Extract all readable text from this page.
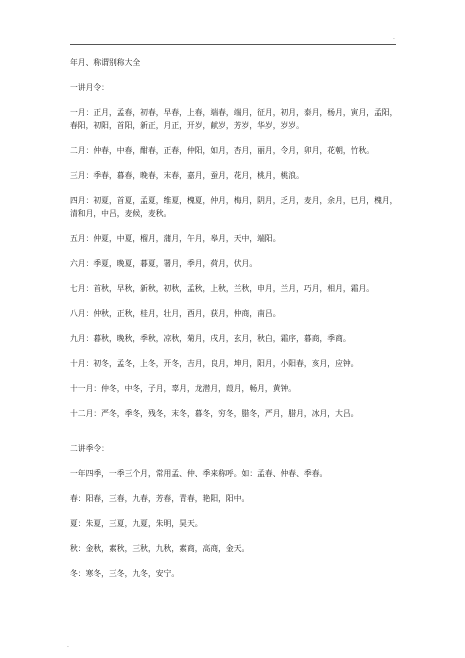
.

年月、称谓别称大全

一讲月令：

一月：正月，孟春，初春，早春，上春，端春，端月，征月，初月，泰月，杨月，寅月，孟阳，春阳，初阳，首阳，新正，月正，开岁，献岁，芳岁，华岁，岁岁。

二月：仲春，中春，酣春，正春，仲阳，如月，杏月，丽月，令月，卯月，花朝，竹秋。

三月：季春，暮春，晚春，末春，嘉月，蚕月，花月，桃月，桃浪。

四月：初夏，首夏，孟夏，维夏，槐夏，仲月，梅月，阴月，乏月，麦月，余月，巳月，槐月，清和月，中吕，麦候，麦秋。

五月：仲夏，中夏，榴月，蒲月，午月，皋月，天中，端阳。

六月：季夏，晚夏，暮夏，署月，季月，荷月，伏月。

七月：首秋，早秋，新秋，初秋，孟秋，上秋，兰秋，申月，兰月，巧月，相月，霜月。

八月：仲秋，正秋，桂月，壮月，酉月，获月，仲商，南吕。

九月：暮秋，晚秋，季秋，凉秋，菊月，戌月，玄月，秋白，霜序，暮商，季商。

十月：初冬，孟冬，上冬，开冬，吉月，良月，坤月，阳月，小阳春，亥月，应钟。

十一月：仲冬，中冬，子月，辜月，龙潜月，葭月，畅月，黄钟。

十二月：严冬，季冬，残冬，末冬，暮冬，穷冬，腊冬，严月，腊月，冰月，大吕。

二讲季令：

一年四季，一季三个月，常用孟、仲、季来称呼。如：孟春、仲春、季春。

春：阳春，三春，九春，芳春，青春，艳阳，阳中。

夏：朱夏，三夏，九夏，朱明，昊天。

秋：金秋，素秋，三秋，九秋，素商，高商，金天。

冬：寒冬，三冬，九冬，安宁。

.
